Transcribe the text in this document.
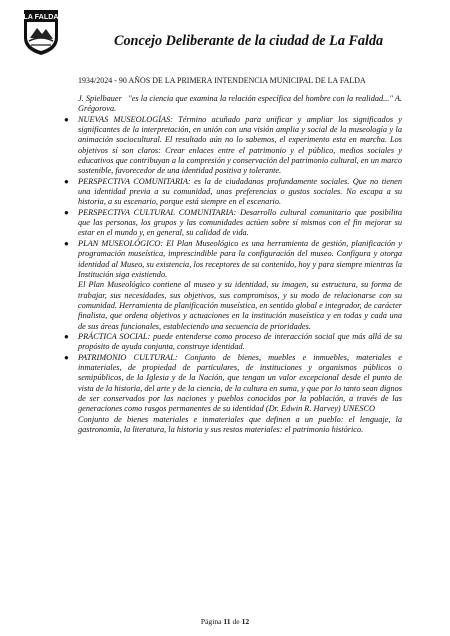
LA FALDA
Concejo Deliberante de la ciudad de La Falda
1934/2024 - 90 AÑOS DE LA PRIMERA INTENDENCIA MUNICIPAL DE LA FALDA

J. Spielbauer   "es la ciencia que examina la relación específica del hombre con la realidad..." A. Grégorova.

● NUEVAS MUSEOLOGÍAS: Término acuñado para unificar y ampliar los significados y significantes de la interpretación, en unión con una visión amplia y social de la museología y la animación sociocultural. El resultado aún no lo sabemos, el experimento esta en marcha. Los objetivos sí son claros: Crear enlaces entre el patrimonio y el público, medios sociales y educativos que contribuyan a la compresión y conservación del patrimonio cultural, en un marco sostenible, favorecedor de una identidad positiva y tolerante.
● PERSPECTIVA COMUNITARIA: es la de ciudadanos profundamente sociales. Que no tienen una identidad previa a su comunidad, unas preferencias o gustos sociales. No escapa a su historia, a su escenario, porque está siempre en el escenario.
● PERSPECTIVA CULTURAL COMUNITARIA: Desarrollo cultural comunitario que posibilita que las personas, los grupos y las comunidades actúen sobre sí mismos con el fin mejorar su estar en el mundo y, en general, su calidad de vida.
● PLAN MUSEOLÓGICO: El Plan Museológico es una herramienta de gestión, planificación y programación museística, imprescindible para la configuración del museo. Configura y otorga identidad al Museo, su existencia, los receptores de su contenido, hoy y para siempre mientras la Institución siga existiendo.

El Plan Museológico contiene al museo y su identidad, su imagen, su estructura, su forma de trabajar, sus necesidades, sus objetivos, sus compromisos, y su modo de relacionarse con su comunidad. Herramienta de planificación museística, en sentido global e integrador, de carácter finalista, que ordena objetivos y actuaciones en la institución museística y en todas y cada una de sus áreas funcionales, estableciendo una secuencia de prioridades.

● PRÁCTICA SOCIAL: puede entenderse como proceso de interacción social que más allá de su propósito de ayuda conjunta, construye identidad.
● PATRIMONIO CULTURAL: Conjunto de bienes, muebles e inmuebles, materiales e inmateriales, de propiedad de particulares, de instituciones y organismos públicos o semipúblicos, de la Iglesia y de la Nación, que tengan un valor excepcional desde el punto de vista de la historia, del arte y de la ciencia, de la cultura en suma, y que por lo tanto sean dignos de ser conservados por las naciones y pueblos conocidos por la población, a través de las generaciones como rasgos permanentes de su identidad (Dr. Edwin R. Harvey) UNESCO

Conjunto de bienes materiales e inmateriales que definen a un pueblo: el lenguaje, la gastronomía, la literatura, la historia y sus restos materiales: el patrimonio histórico.

Página 11 de 12
